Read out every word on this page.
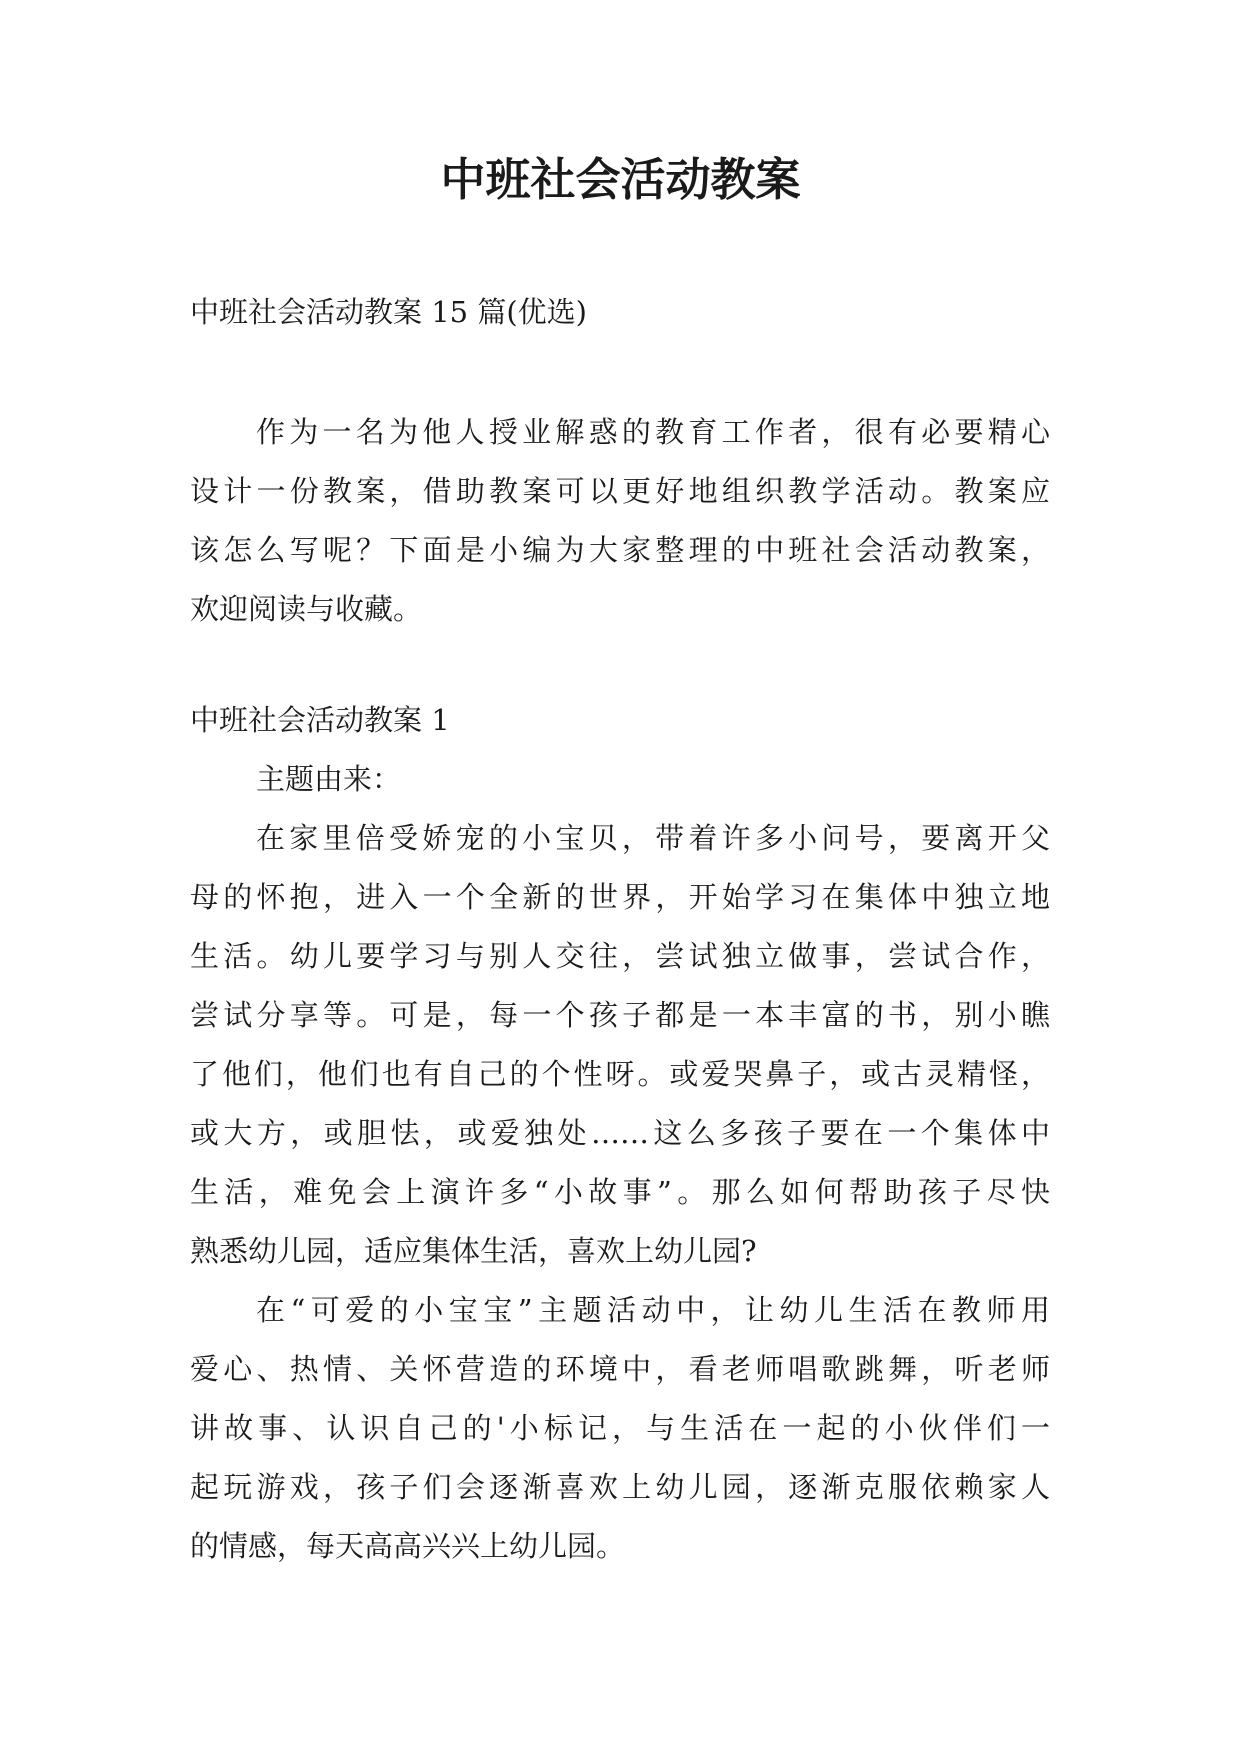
中班社会活动教案

中班社会活动教案 15 篇(优选)

作为一名为他人授业解惑的教育工作者，很有必要精心
设计一份教案，借助教案可以更好地组织教学活动。教案应
该怎么写呢？下面是小编为大家整理的中班社会活动教案，
欢迎阅读与收藏。
中班社会活动教案 1
主题由来：
在家里倍受娇宠的小宝贝，带着许多小问号，要离开父
母的怀抱，进入一个全新的世界，开始学习在集体中独立地
生活。幼儿要学习与别人交往，尝试独立做事，尝试合作，
尝试分享等。可是，每一个孩子都是一本丰富的书，别小瞧
了他们，他们也有自己的个性呀。或爱哭鼻子，或古灵精怪，
或大方，或胆怯，或爱独处……这么多孩子要在一个集体中
生活，难免会上演许多“小故事”。那么如何帮助孩子尽快
熟悉幼儿园，适应集体生活，喜欢上幼儿园?
在“可爱的小宝宝”主题活动中，让幼儿生活在教师用
爱心、热情、关怀营造的环境中，看老师唱歌跳舞，听老师
讲故事、认识自己的'小标记，与生活在一起的小伙伴们一
起玩游戏，孩子们会逐渐喜欢上幼儿园，逐渐克服依赖家人
的情感，每天高高兴兴上幼儿园。
